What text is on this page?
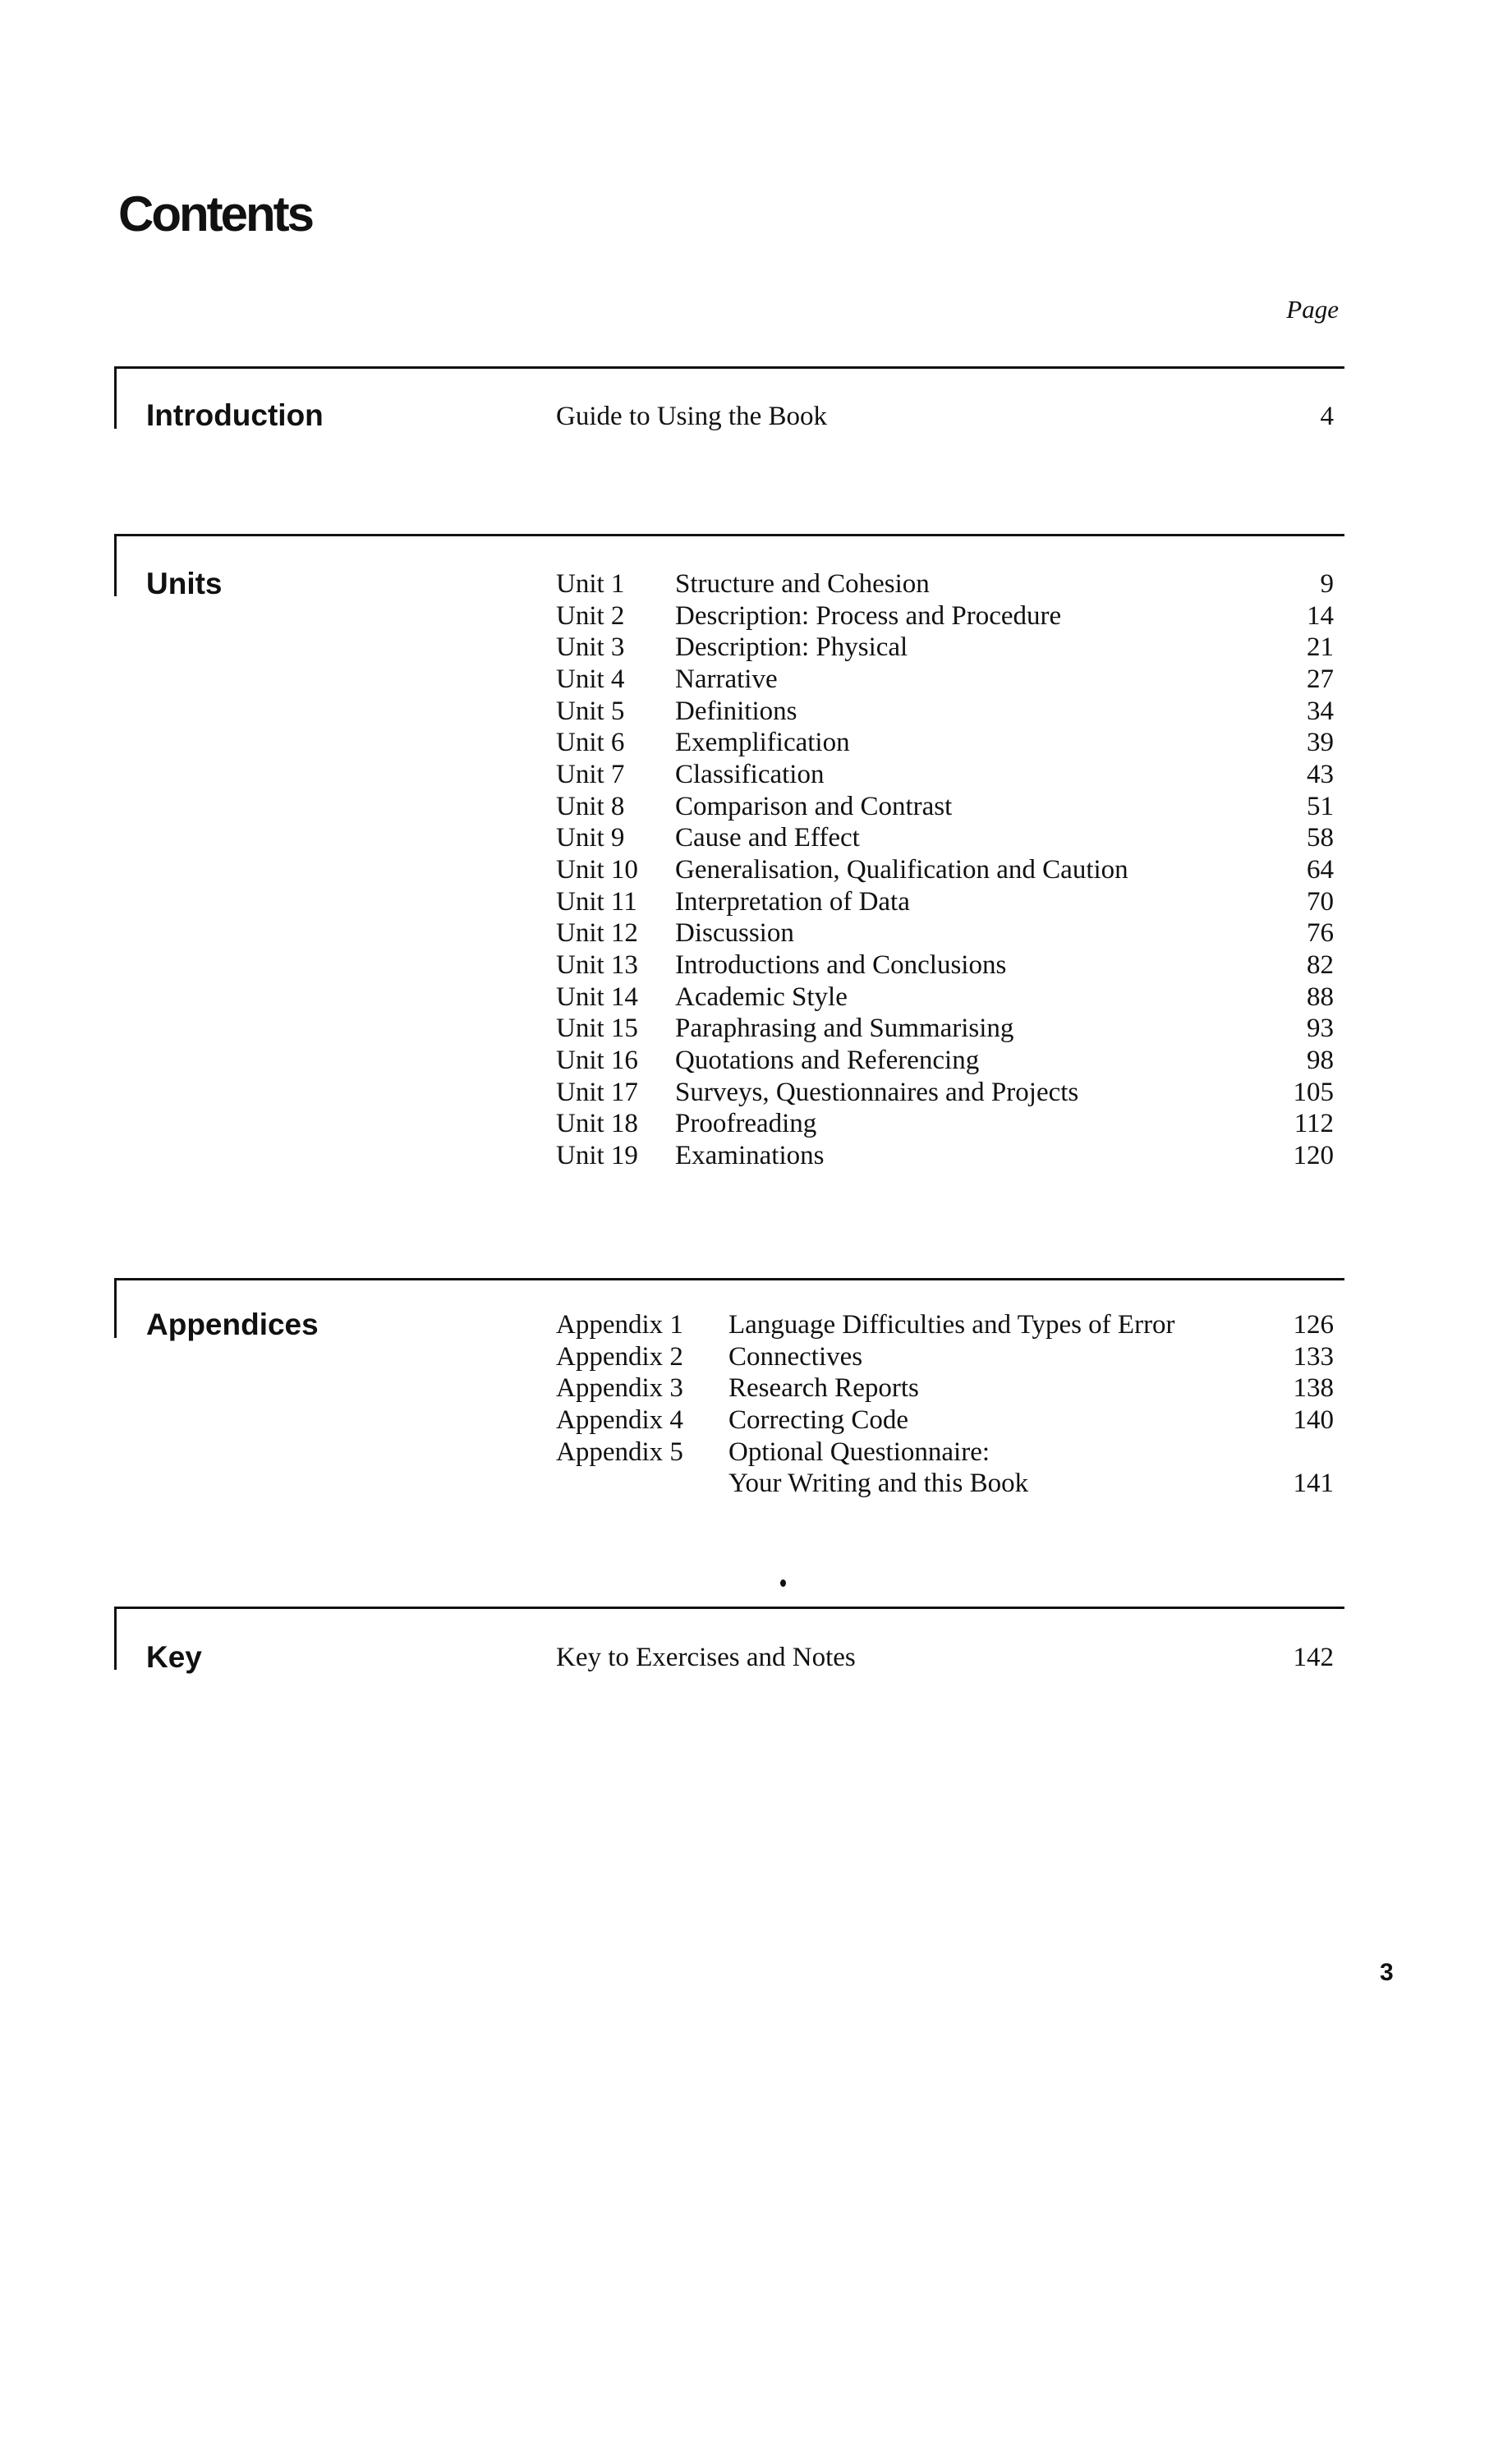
Contents
Page
Introduction	Guide to Using the Book	4
Units	Unit 1 Structure and Cohesion	9
Unit 2 Description: Process and Procedure	14
Unit 3 Description: Physical	21
Unit 4 Narrative	27
Unit 5 Definitions	34
Unit 6 Exemplification	39
Unit 7 Classification	43
Unit 8 Comparison and Contrast	51
Unit 9 Cause and Effect	58
Unit 10 Generalisation, Qualification and Caution	64
Unit 11 Interpretation of Data	70
Unit 12 Discussion	76
Unit 13 Introductions and Conclusions	82
Unit 14 Academic Style	88
Unit 15 Paraphrasing and Summarising	93
Unit 16 Quotations and Referencing	98
Unit 17 Surveys, Questionnaires and Projects	105
Unit 18 Proofreading	112
Unit 19 Examinations	120
Appendices	Appendix 1 Language Difficulties and Types of Error	126
Appendix 2 Connectives	133
Appendix 3 Research Reports	138
Appendix 4 Correcting Code	140
Appendix 5 Optional Questionnaire:
Your Writing and this Book	141
Key	Key to Exercises and Notes	142
3
